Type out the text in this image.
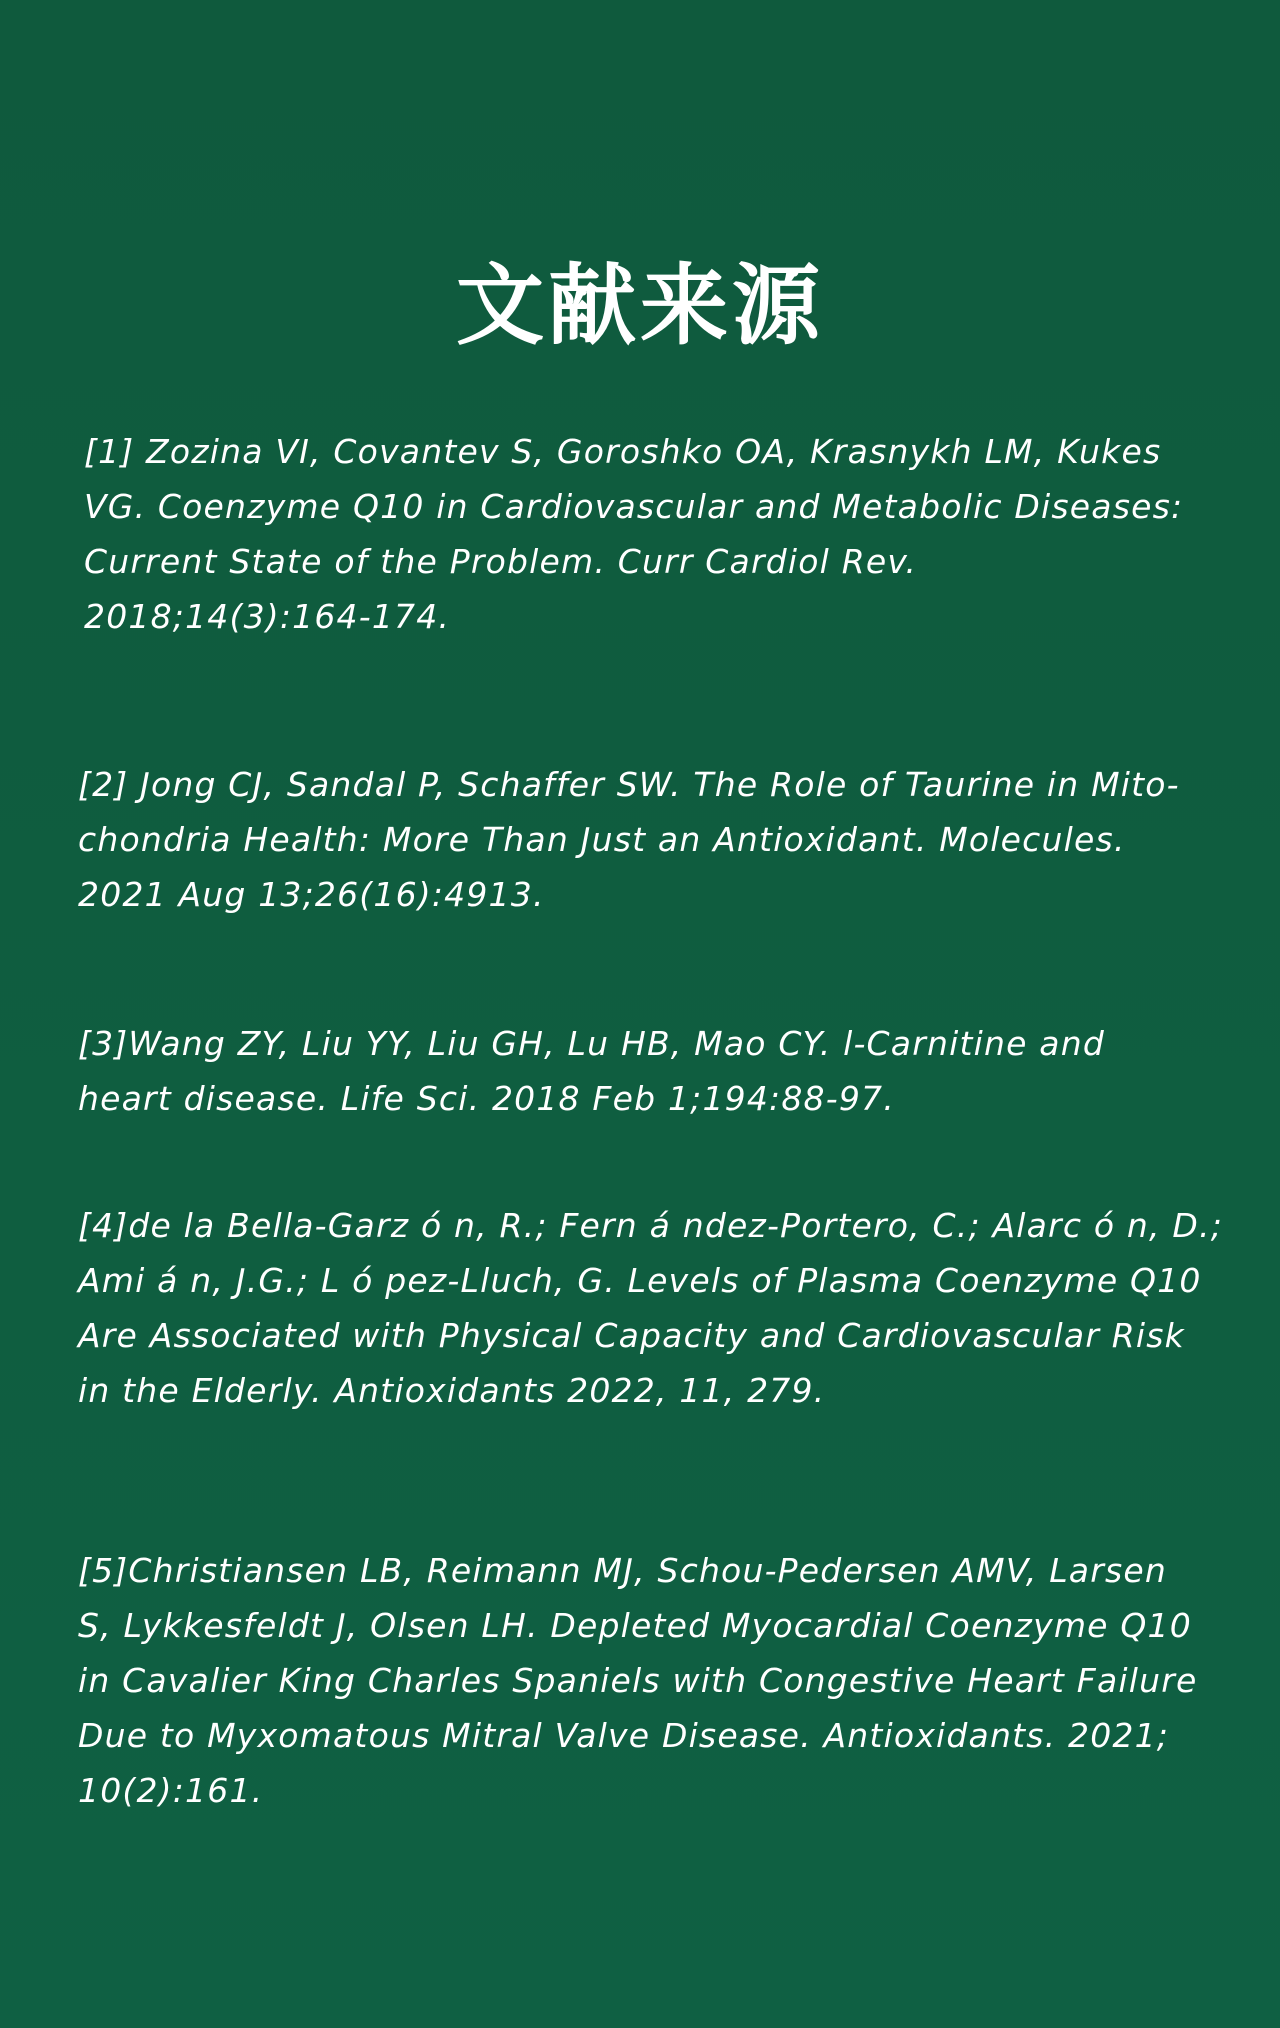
文献来源

[1] Zozina VI, Covantev S, Goroshko OA, Krasnykh LM, Kukes
VG. Coenzyme Q10 in Cardiovascular and Metabolic Diseases:
Current State of the Problem. Curr Cardiol Rev.
2018;14(3):164-174.

[2] Jong CJ, Sandal P, Schaffer SW. The Role of Taurine in Mito-
chondria Health: More Than Just an Antioxidant. Molecules.
2021 Aug 13;26(16):4913.

[3]Wang ZY, Liu YY, Liu GH, Lu HB, Mao CY. l-Carnitine and
heart disease. Life Sci. 2018 Feb 1;194:88-97.

[4]de la Bella-Garz ó n, R.; Fern á ndez-Portero, C.; Alarc ó n, D.;
Ami á n, J.G.; L ó pez-Lluch, G. Levels of Plasma Coenzyme Q10
Are Associated with Physical Capacity and Cardiovascular Risk
in the Elderly. Antioxidants 2022, 11, 279.

[5]Christiansen LB, Reimann MJ, Schou-Pedersen AMV, Larsen
S, Lykkesfeldt J, Olsen LH. Depleted Myocardial Coenzyme Q10
in Cavalier King Charles Spaniels with Congestive Heart Failure
Due to Myxomatous Mitral Valve Disease. Antioxidants. 2021;
10(2):161.
